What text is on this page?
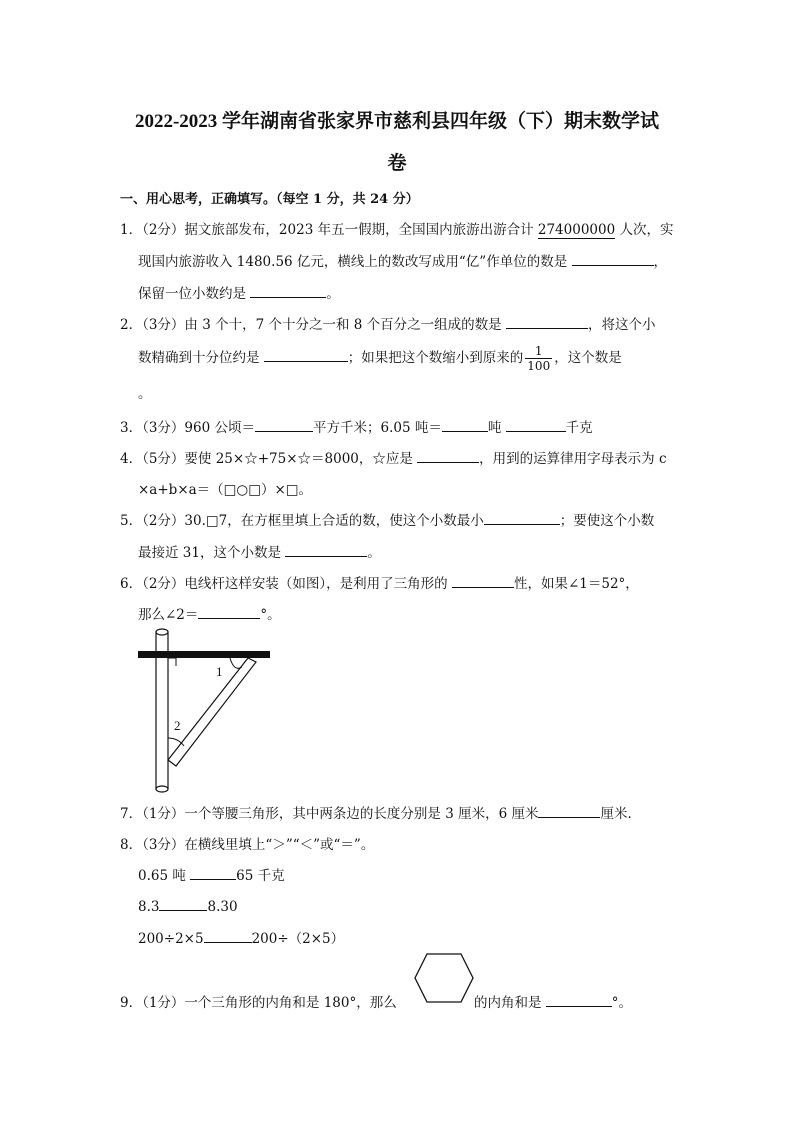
2022-2023 学年湖南省张家界市慈利县四年级（下）期末数学试
卷
一、用心思考，正确填写。（每空 1 分，共 24 分）
1．（2分）据文旅部发布，2023 年五一假期，全国国内旅游出游合计 274000000 人次，实
现国内旅游收入 1480.56 亿元，横线上的数改写成用“亿”作单位的数是	，
保留一位小数约是	。
2．（3分）由 3 个十，7 个十分之一和 8 个百分之一组成的数是	，将这个小
数精确到十分位约是	；如果把这个数缩小到原来的 $\frac{1}{100}$ ，这个数是
。
3．（3分）960 公顷＝	平方千米；6.05 吨＝	吨	千克
4．（5分）要使 25×☆+75×☆＝8000，☆应是	，用到的运算律用字母表示为 c
×a+b×a＝（□○□）×□。
5．（2分）30.□7，在方框里填上合适的数，使这个小数最小	；要使这个小数
最接近 31，这个小数是	。
6．（2分）电线杆这样安装（如图），是利用了三角形的	性，如果∠1＝52°，
那么∠2＝	°。
1
2
7．（1分）一个等腰三角形，其中两条边的长度分别是 3 厘米，6 厘米	厘米．
8．（3分）在横线里填上“＞”“＜”或“＝”。
0.65 吨	65 千克
8.3	8.30
200÷2×5	200÷（2×5）
9．（1分）一个三角形的内角和是 180°，那么	的内角和是	°。
